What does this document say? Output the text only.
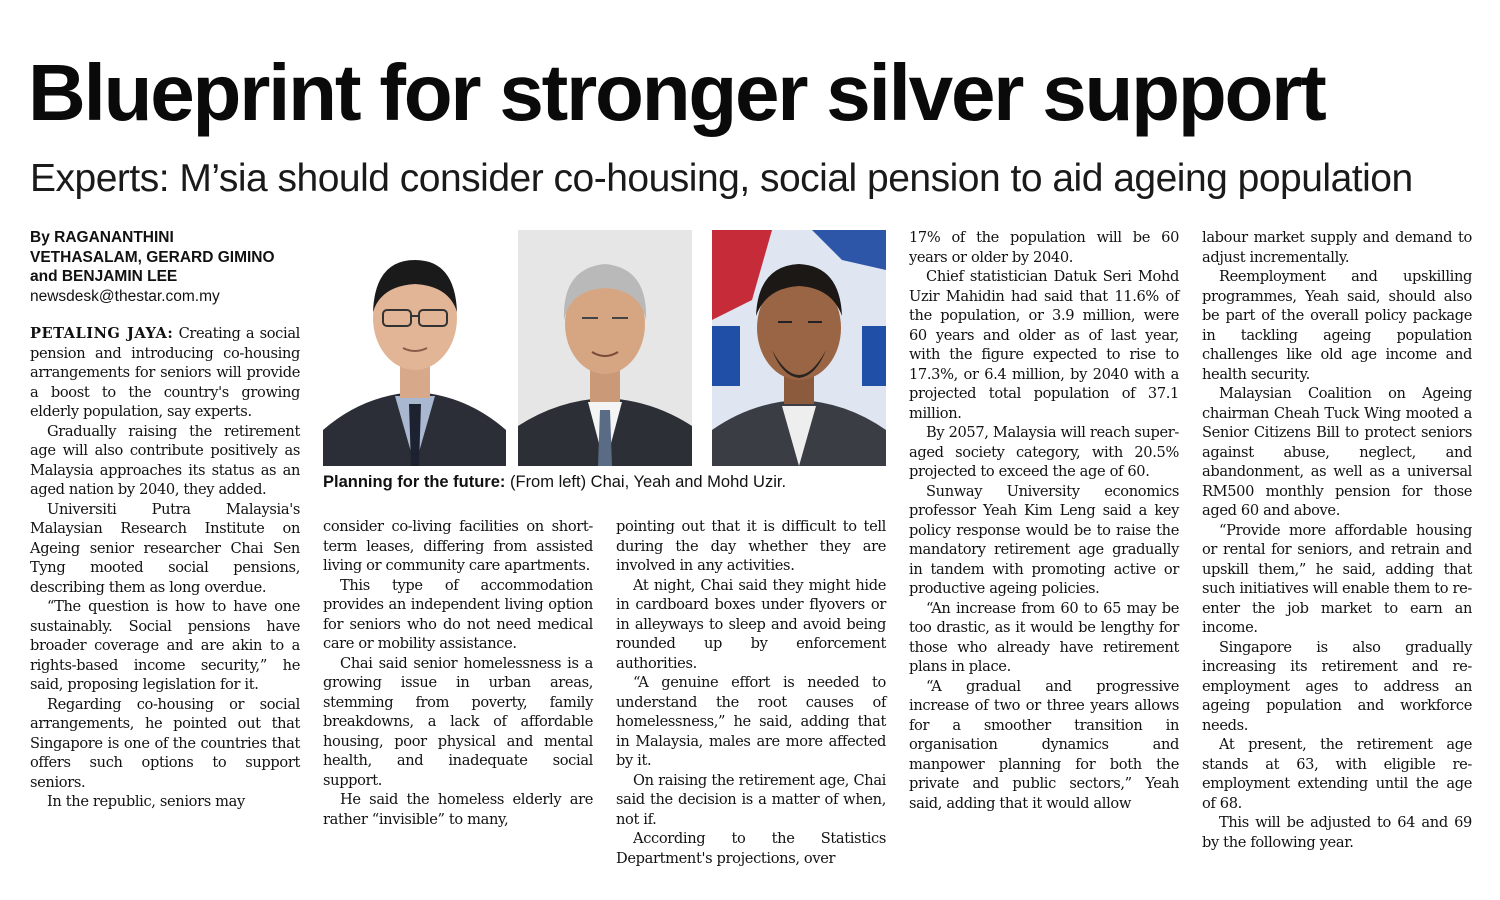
Blueprint for stronger silver support
Experts: M’sia should consider co-housing, social pension to aid ageing population
By RAGANANTHINI
VETHASALAM, GERARD GIMINO
and BENJAMIN LEE
newsdesk@thestar.com.my

PETALING JAYA: Creating a social pension and introducing co-housing arrangements for seniors will provide a boost to the country's growing elderly population, say experts.

Gradually raising the retirement age will also contribute positively as Malaysia approaches its status as an aged nation by 2040, they added.

Universiti Putra Malaysia's Malaysian Research Institute on Ageing senior researcher Chai Sen Tyng mooted social pensions, describing them as long overdue.

“The question is how to have one sustainably. Social pensions have broader coverage and are akin to a rights-based income security,” he said, proposing legislation for it.

Regarding co-housing or social arrangements, he pointed out that Singapore is one of the countries that offers such options to support seniors.

In the republic, seniors may

Planning for the future: (From left) Chai, Yeah and Mohd Uzir.

consider co-living facilities on short-term leases, differing from assisted living or community care apartments.

This type of accommodation provides an independent living option for seniors who do not need medical care or mobility assistance.

Chai said senior homelessness is a growing issue in urban areas, stemming from poverty, family breakdowns, a lack of affordable housing, poor physical and mental health, and inadequate social support.

He said the homeless elderly are rather “invisible” to many,

pointing out that it is difficult to tell during the day whether they are involved in any activities.

At night, Chai said they might hide in cardboard boxes under flyovers or in alleyways to sleep and avoid being rounded up by enforcement authorities.

“A genuine effort is needed to understand the root causes of homelessness,” he said, adding that in Malaysia, males are more affected by it.

On raising the retirement age, Chai said the decision is a matter of when, not if.

According to the Statistics Department's projections, over

17% of the population will be 60 years or older by 2040.

Chief statistician Datuk Seri Mohd Uzir Mahidin had said that 11.6% of the population, or 3.9 million, were 60 years and older as of last year, with the figure expected to rise to 17.3%, or 6.4 million, by 2040 with a projected total population of 37.1 million.

By 2057, Malaysia will reach super-aged society category, with 20.5% projected to exceed the age of 60.

Sunway University economics professor Yeah Kim Leng said a key policy response would be to raise the mandatory retirement age gradually in tandem with promoting active or productive ageing policies.

“An increase from 60 to 65 may be too drastic, as it would be lengthy for those who already have retirement plans in place.

“A gradual and progressive increase of two or three years allows for a smoother transition in organisation dynamics and manpower planning for both the private and public sectors,” Yeah said, adding that it would allow

labour market supply and demand to adjust incrementally.

Reemployment and upskilling programmes, Yeah said, should also be part of the overall policy package in tackling ageing population challenges like old age income and health security.

Malaysian Coalition on Ageing chairman Cheah Tuck Wing mooted a Senior Citizens Bill to protect seniors against abuse, neglect, and abandonment, as well as a universal RM500 monthly pension for those aged 60 and above.

“Provide more affordable housing or rental for seniors, and retrain and upskill them,” he said, adding that such initiatives will enable them to re-enter the job market to earn an income.

Singapore is also gradually increasing its retirement and re-employment ages to address an ageing population and workforce needs.

At present, the retirement age stands at 63, with eligible re-employment extending until the age of 68.

This will be adjusted to 64 and 69 by the following year.
